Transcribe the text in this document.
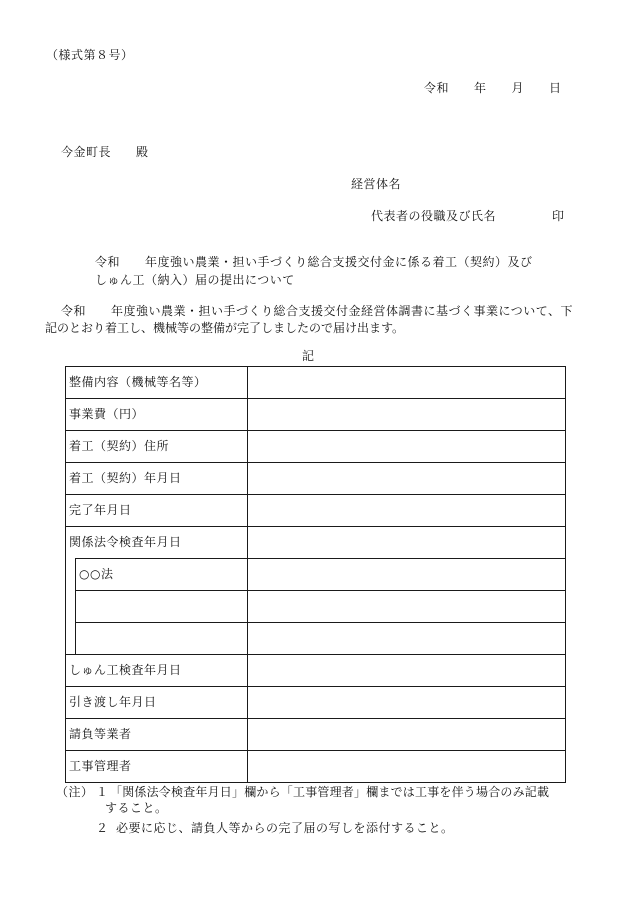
（様式第８号）
令和　　年　　月　　日
今金町長　　殿
経営体名
代表者の役職及び氏名	印
令和　　年度強い農業・担い手づくり総合支援交付金に係る着工（契約）及び
しゅん工（納入）届の提出について
令和　　年度強い農業・担い手づくり総合支援交付金経営体調書に基づく事業について、下
記のとおり着工し、機械等の整備が完了しましたので届け出ます。
記
整備内容（機械等名等）
事業費（円）
着工（契約）住所
着工（契約）年月日
完了年月日
関係法令検査年月日
○○法
しゅん工検査年月日
引き渡し年月日
請負等業者
工事管理者
（注） １ 「関係法令検査年月日」欄から「工事管理者」欄までは工事を伴う場合のみ記載
すること。
２ 必要に応じ、請負人等からの完了届の写しを添付すること。
